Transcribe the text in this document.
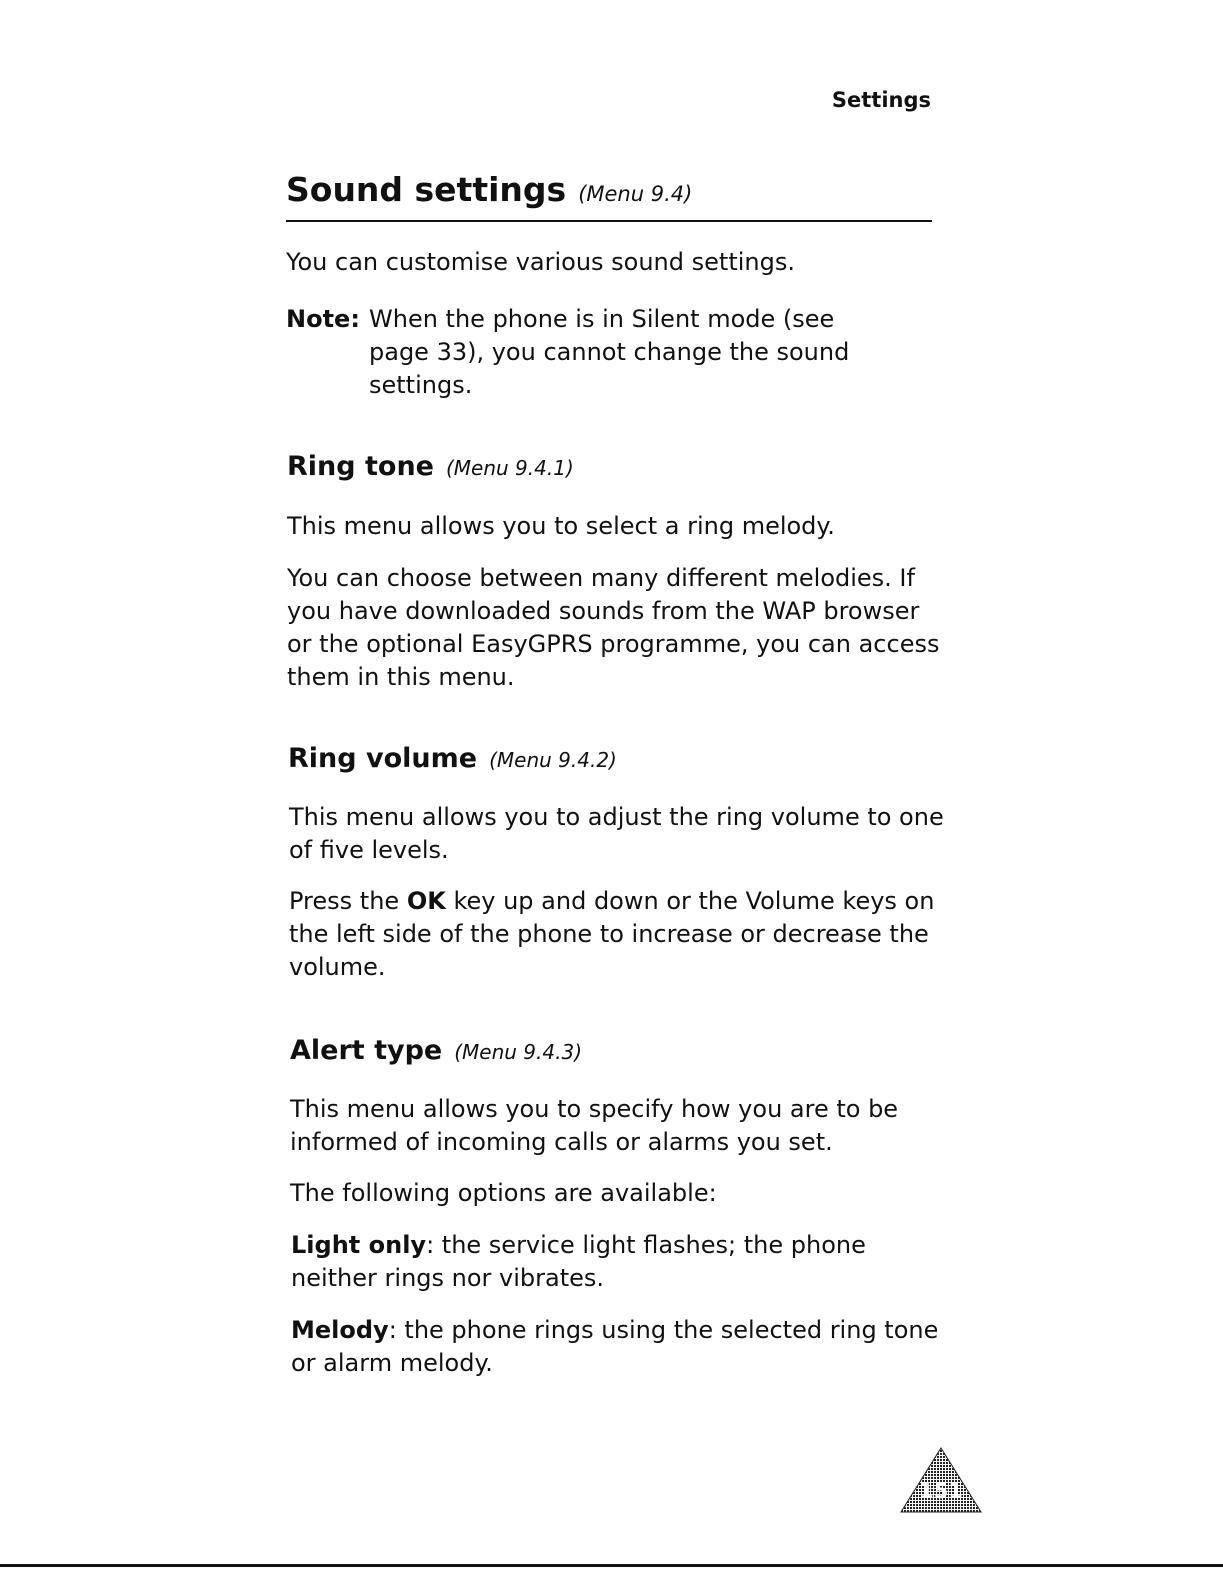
Settings
Sound settings (Menu 9.4)

You can customise various sound settings.

Note: When the phone is in Silent mode (see page 33), you cannot change the sound settings.
Ring tone (Menu 9.4.1)

This menu allows you to select a ring melody.

You can choose between many different melodies. If you have downloaded sounds from the WAP browser or the optional EasyGPRS programme, you can access them in this menu.

Ring volume (Menu 9.4.2)

This menu allows you to adjust the ring volume to one of five levels.

Press the OK key up and down or the Volume keys on the left side of the phone to increase or decrease the volume.

Alert type (Menu 9.4.3)

This menu allows you to specify how you are to be informed of incoming calls or alarms you set.

The following options are available:

Light only: the service light flashes; the phone neither rings nor vibrates.

Melody: the phone rings using the selected ring tone or alarm melody.

151
